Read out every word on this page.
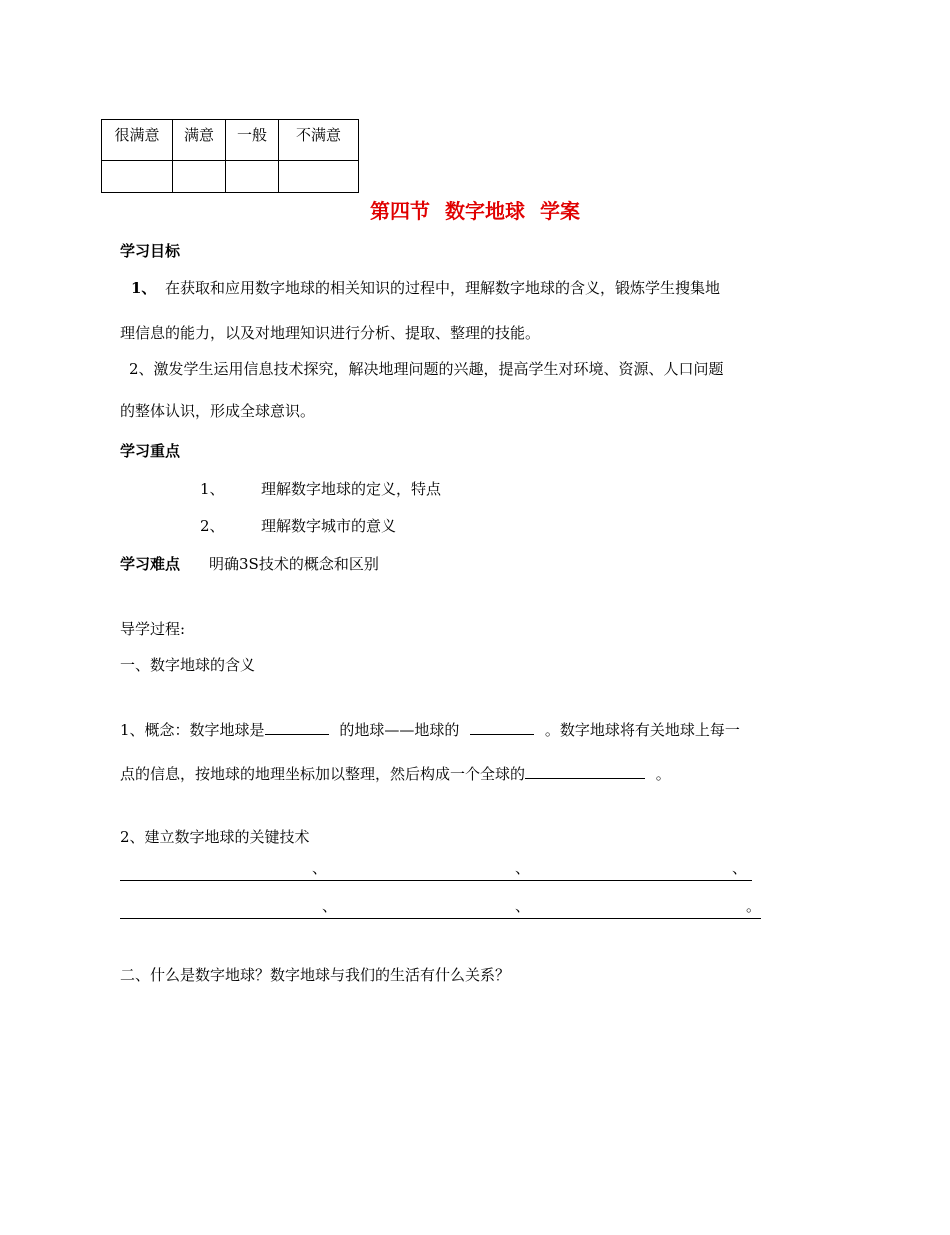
很满意	满意	一般	不满意

第四节 数字地球 学案
学习目标
1、 在获取和应用数字地球的相关知识的过程中，理解数字地球的含义，锻炼学生搜集地
理信息的能力，以及对地理知识进行分析、提取、整理的技能。
2、激发学生运用信息技术探究，解决地理问题的兴趣，提高学生对环境、资源、人口问题
的整体认识，形成全球意识。
学习重点
1、 理解数字地球的定义，特点
2、 理解数字城市的意义
学习难点 明确3S技术的概念和区别
导学过程:
一、数字地球的含义
1、概念：数字地球是	的地球——地球的	。数字地球将有关地球上每一
点的信息，按地球的地理坐标加以整理，然后构成一个全球的	。
2、建立数字地球的关键技术
、	、	、
、	、	。
二、什么是数字地球？数字地球与我们的生活有什么关系？
